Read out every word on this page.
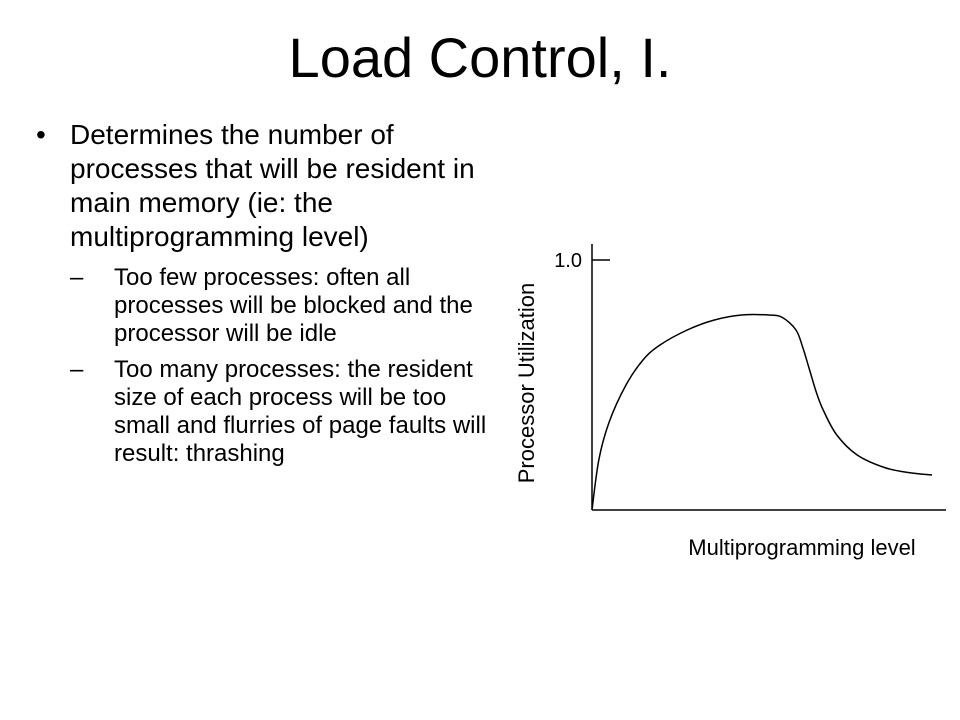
Load Control, I.
• Determines the number of processes that will be resident in main memory (ie: the multiprogramming level)
–	Too few processes: often all processes will be blocked and the processor will be idle
–	Too many processes: the resident size of each process will be too small and flurries of page faults will result: thrashing
1.0
Processor Utilization
Multiprogramming level
